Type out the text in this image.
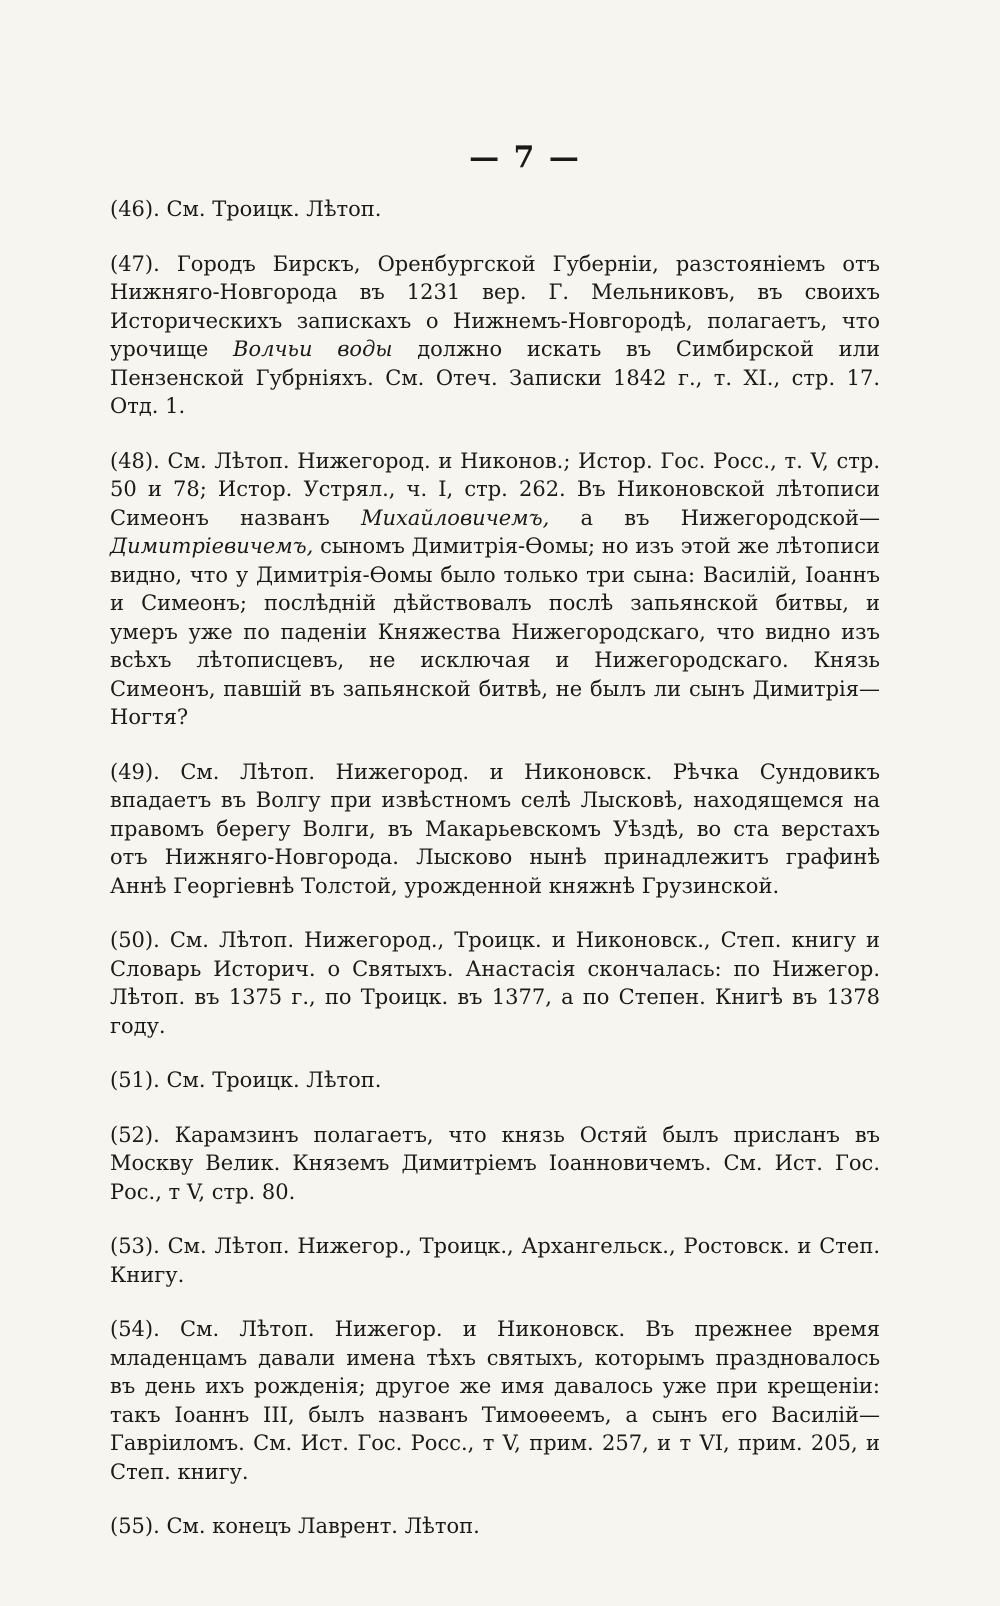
— 7 —

(46). См. Троицк. Лѣтоп.

(47). Городъ Бирскъ, Оренбургской Губерніи, разстояніемъ отъ Нижняго-Новгорода въ 1231 вер. Г. Мельниковъ, въ своихъ Историческихъ запискахъ о Нижнемъ-Новгородѣ, полагаетъ, что урочище Волчьи воды должно искать въ Симбирской или Пензенской Губрніяхъ. См. Отеч. Записки 1842 г., т. XI., стр. 17. Отд. 1.

(48). См. Лѣтоп. Нижегород. и Никонов.; Истор. Гос. Росс., т. V, стр. 50 и 78; Истор. Устрял., ч. I, стр. 262. Въ Никоновской лѣтописи Симеонъ названъ Михайловичемъ, а въ Нижегородской—Димитріевичемъ, сыномъ Димитрія-Ѳомы; но изъ этой же лѣтописи видно, что у Димитрія-Ѳомы было только три сына: Василій, Іоаннъ и Симеонъ; послѣдній дѣйствовалъ послѣ запьянской битвы, и умеръ уже по паденіи Княжества Нижегородскаго, что видно изъ всѣхъ лѣтописцевъ, не исключая и Нижегородскаго. Князь Симеонъ, павшій въ запьянской битвѣ, не былъ ли сынъ Димитрія—Ногтя?

(49). См. Лѣтоп. Нижегород. и Никоновск. Рѣчка Сундовикъ впадаетъ въ Волгу при извѣстномъ селѣ Лысковѣ, находящемся на правомъ берегу Волги, въ Макарьевскомъ Уѣздѣ, во ста верстахъ отъ Нижняго-Новгорода. Лысково нынѣ принадлежитъ графинѣ Аннѣ Георгіевнѣ Толстой, урожденной княжнѣ Грузинской.

(50). См. Лѣтоп. Нижегород., Троицк. и Никоновск., Степ. книгу и Словарь Историч. о Святыхъ. Анастасія скончалась: по Нижегор. Лѣтоп. въ 1375 г., по Троицк. въ 1377, а по Степен. Книгѣ въ 1378 году.

(51). См. Троицк. Лѣтоп.

(52). Карамзинъ полагаетъ, что князь Остяй былъ присланъ въ Москву Велик. Княземъ Димитріемъ Іоанновичемъ. См. Ист. Гос. Рос., т V, стр. 80.

(53). См. Лѣтоп. Нижегор., Троицк., Архангельск., Ростовск. и Степ. Книгу.

(54). См. Лѣтоп. Нижегор. и Никоновск. Въ прежнее время младенцамъ давали имена тѣхъ святыхъ, которымъ праздновалось въ день ихъ рожденія; другое же имя давалось уже при крещеніи: такъ Іоаннъ III, былъ названъ Тимоѳеемъ, а сынъ его Василій—Гавріиломъ. См. Ист. Гос. Росс., т V, прим. 257, и т VI, прим. 205, и Степ. книгу.

(55). См. конецъ Лаврент. Лѣтоп.
